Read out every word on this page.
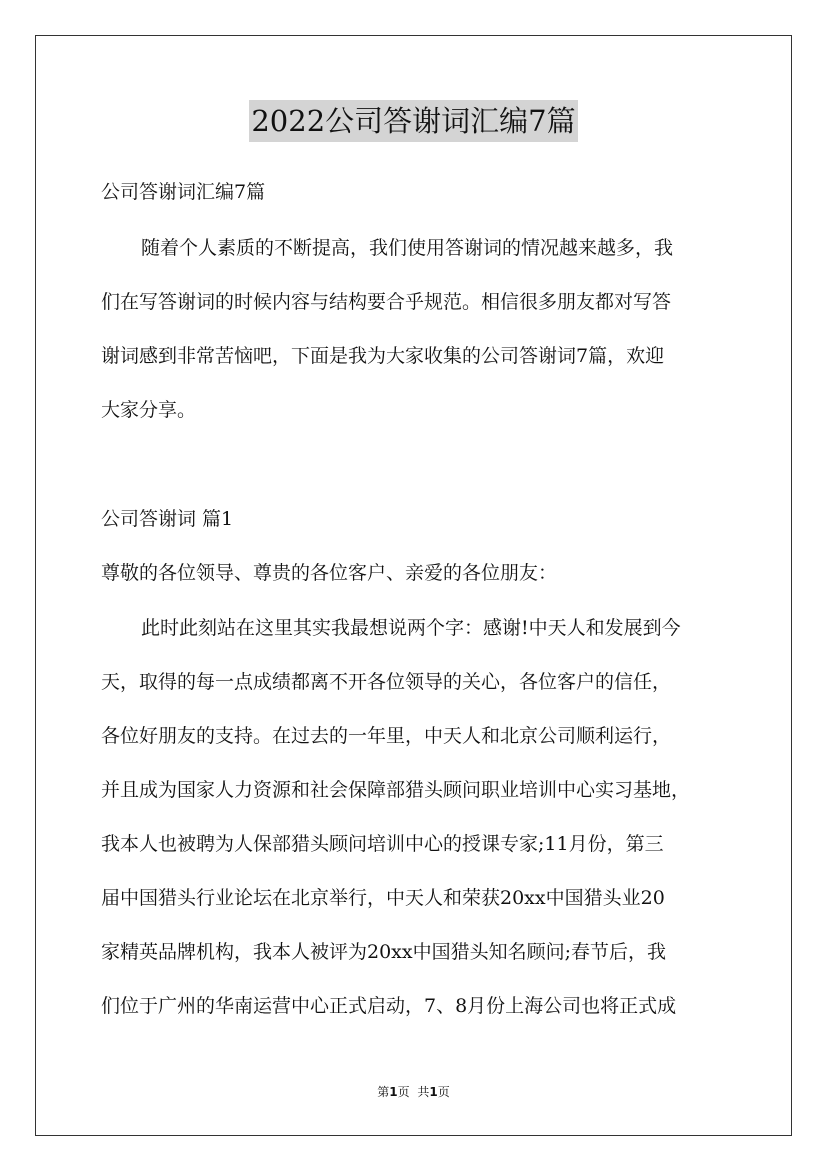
2022公司答谢词汇编7篇
公司答谢词汇编7篇
随着个人素质的不断提高，我们使用答谢词的情况越来越多，我
们在写答谢词的时候内容与结构要合乎规范。相信很多朋友都对写答
谢词感到非常苦恼吧，下面是我为大家收集的公司答谢词7篇，欢迎
大家分享。
公司答谢词 篇1
尊敬的各位领导、尊贵的各位客户、亲爱的各位朋友：
此时此刻站在这里其实我最想说两个字：感谢!中天人和发展到今
天，取得的每一点成绩都离不开各位领导的关心，各位客户的信任，
各位好朋友的支持。在过去的一年里，中天人和北京公司顺利运行，
并且成为国家人力资源和社会保障部猎头顾问职业培训中心实习基地，
我本人也被聘为人保部猎头顾问培训中心的授课专家;11月份，第三
届中国猎头行业论坛在北京举行，中天人和荣获20xx中国猎头业20
家精英品牌机构，我本人被评为20xx中国猎头知名顾问;春节后，我
们位于广州的华南运营中心正式启动，7、8月份上海公司也将正式成
第1页 共1页
